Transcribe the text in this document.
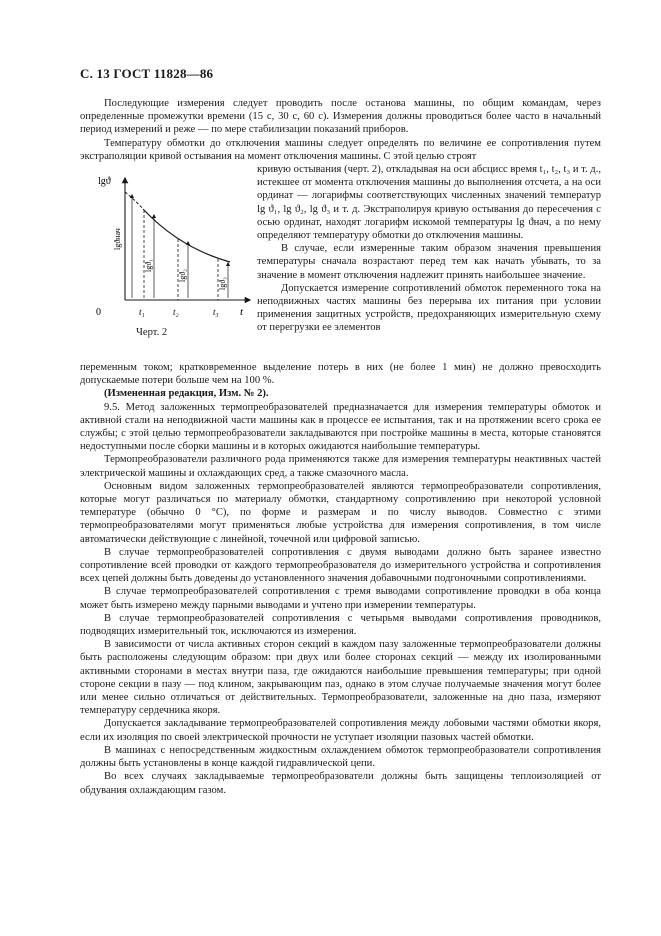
С. 13 ГОСТ 11828—86

Последующие измерения следует проводить после останова машины, по общим командам, через определенные промежутки времени (15 с, 30 с, 60 с). Измерения должны проводиться более часто в начальный период измерений и реже — по мере стабилизации показаний приборов.

Температуру обмотки до отключения машины следует определять по величине ее сопротивления путем экстраполяции кривой остывания на момент отключения машины. С этой целью строят

lgϑ
t
0	t₁	t₂	t₃
lgϑнач
lgϑ₁
lgϑ₂
lgϑ₃
Черт. 2

кривую остывания (черт. 2), откладывая на оси абсцисс время t₁, t₂, t₃ и т. д., истекшее от момента отключения машины до выполнения отсчета, а на оси ординат — логарифмы соответствующих численных значений температур lg ϑ₁, lg ϑ₂, lg ϑ₃ и т. д. Экстраполируя кривую остывания до пересечения с осью ординат, находят логарифм искомой температуры lg ϑнач, а по нему определяют температуру обмотки до отключения машины.

В случае, если измеренные таким образом значения превышения температуры сначала возрастают перед тем как начать убывать, то за значение в момент отключения надлежит принять наибольшее значение.

Допускается измерение сопротивлений обмоток переменного тока на неподвижных частях машины без перерыва их питания при условии применения защитных устройств, предохраняющих измерительную схему от перегрузки ее элементов

переменным током; кратковременное выделение потерь в них (не более 1 мин) не должно превосходить допускаемые потери больше чем на 100 %.

(Измененная редакция, Изм. № 2).

9.5. Метод заложенных термопреобразователей предназначается для измерения температуры обмоток и активной стали на неподвижной части машины как в процессе ее испытания, так и на протяжении всего срока ее службы; с этой целью термопреобразователи закладываются при постройке машины в места, которые становятся недоступными после сборки машины и в которых ожидаются наибольшие температуры.

Термопреобразователи различного рода применяются также для измерения температуры неактивных частей электрической машины и охлаждающих сред, а также смазочного масла.

Основным видом заложенных термопреобразователей являются термопреобразователи сопротивления, которые могут различаться по материалу обмотки, стандартному сопротивлению при некоторой условной температуре (обычно 0 °С), по форме и размерам и по числу выводов. Совместно с этими термопреобразователями могут применяться любые устройства для измерения сопротивления, в том числе автоматически действующие с линейной, точечной или цифровой записью.

В случае термопреобразователей сопротивления с двумя выводами должно быть заранее известно сопротивление всей проводки от каждого термопреобразователя до измерительного устройства и сопротивления всех цепей должны быть доведены до установленного значения добавочными подгоночными сопротивлениями.

В случае термопреобразователей сопротивления с тремя выводами сопротивление проводки в оба конца может быть измерено между парными выводами и учтено при измерении температуры.

В случае термопреобразователей сопротивления с четырьмя выводами сопротивления проводников, подводящих измерительный ток, исключаются из измерения.

В зависимости от числа активных сторон секций в каждом пазу заложенные термопреобразователи должны быть расположены следующим образом: при двух или более сторонах секций — между их изолированными активными сторонами в местах внутри паза, где ожидаются наибольшие превышения температуры; при одной стороне секции в пазу — под клином, закрывающим паз, однако в этом случае получаемые значения могут более или менее сильно отличаться от действительных. Термопреобразователи, заложенные на дно паза, измеряют температуру сердечника якоря.

Допускается закладывание термопреобразователей сопротивления между лобовыми частями обмотки якоря, если их изоляция по своей электрической прочности не уступает изоляции пазовых частей обмотки.

В машинах с непосредственным жидкостным охлаждением обмоток термопреобразователи сопротивления должны быть установлены в конце каждой гидравлической цепи.

Во всех случаях закладываемые термопреобразователи должны быть защищены теплоизоляцией от обдувания охлаждающим газом.
